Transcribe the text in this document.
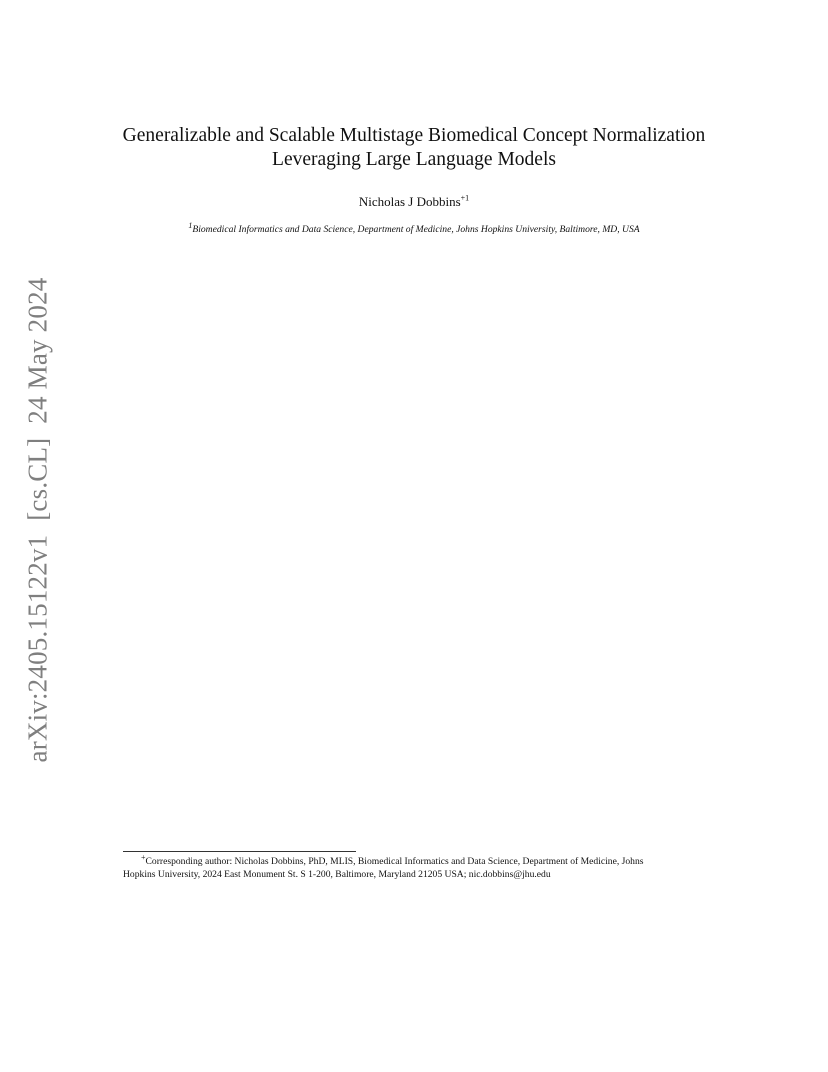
arXiv:2405.15122v1  [cs.CL]  24 May 2024
Generalizable and Scalable Multistage Biomedical Concept Normalization
Leveraging Large Language Models
Nicholas J Dobbins$^{+1}$
$^1$Biomedical Informatics and Data Science, Department of Medicine, Johns Hopkins University, Baltimore, MD, USA
+Corresponding author: Nicholas Dobbins, PhD, MLIS, Biomedical Informatics and Data Science, Department of Medicine, Johns
Hopkins University, 2024 East Monument St. S 1-200, Baltimore, Maryland 21205 USA; nic.dobbins@jhu.edu
